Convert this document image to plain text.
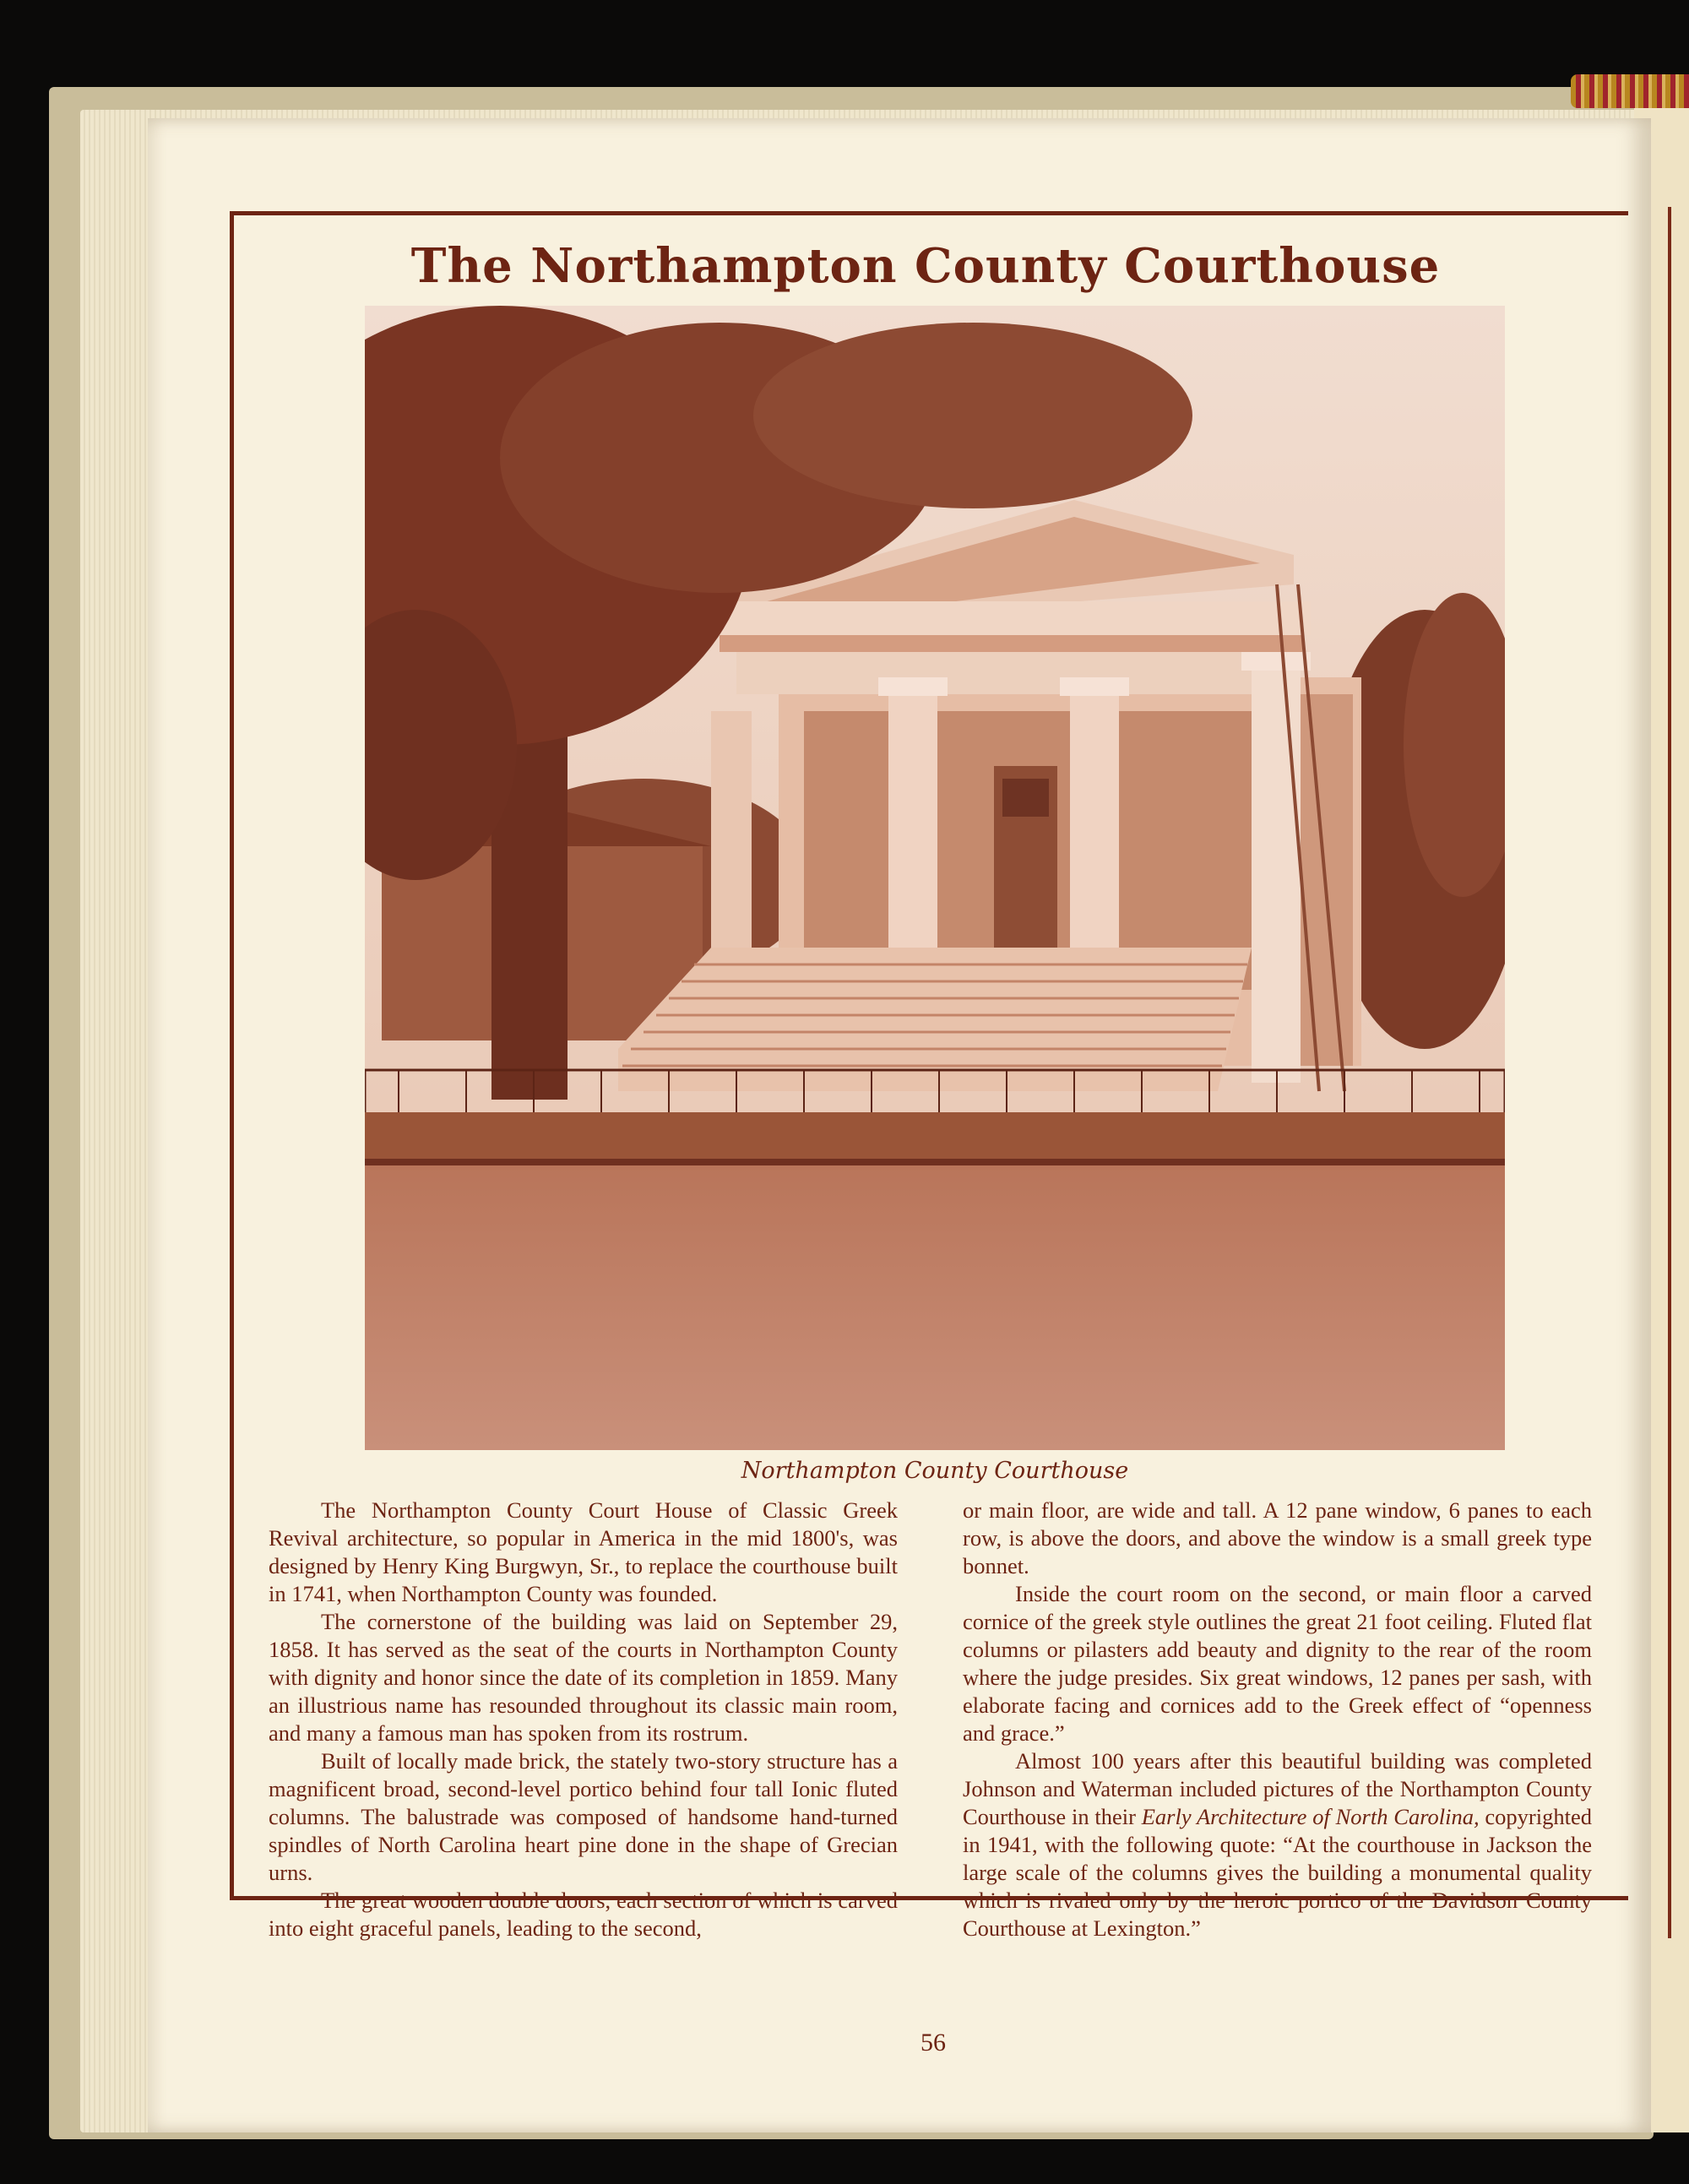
The Northampton County Courthouse

Northampton County Courthouse

The Northampton County Court House of Classic Greek Revival architecture, so popular in America in the mid 1800's, was designed by Henry King Burgwyn, Sr., to replace the courthouse built in 1741, when Northampton County was founded.

The cornerstone of the building was laid on September 29, 1858. It has served as the seat of the courts in Northampton County with dignity and honor since the date of its completion in 1859. Many an illustrious name has resounded throughout its classic main room, and many a famous man has spoken from its rostrum.

Built of locally made brick, the stately two-story structure has a magnificent broad, second-level portico behind four tall Ionic fluted columns. The balustrade was composed of handsome hand-turned spindles of North Carolina heart pine done in the shape of Grecian urns.

The great wooden double doors, each section of which is carved into eight graceful panels, leading to the second,

or main floor, are wide and tall. A 12 pane window, 6 panes to each row, is above the doors, and above the window is a small greek type bonnet.

Inside the court room on the second, or main floor a carved cornice of the greek style outlines the great 21 foot ceiling. Fluted flat columns or pilasters add beauty and dignity to the rear of the room where the judge presides. Six great windows, 12 panes per sash, with elaborate facing and cornices add to the Greek effect of “openness and grace.”

Almost 100 years after this beautiful building was completed Johnson and Waterman included pictures of the Northampton County Courthouse in their Early Architecture of North Carolina, copyrighted in 1941, with the following quote: “At the courthouse in Jackson the large scale of the columns gives the building a monumental quality which is rivaled only by the heroic portico of the Davidson County Courthouse at Lexington.”

56
